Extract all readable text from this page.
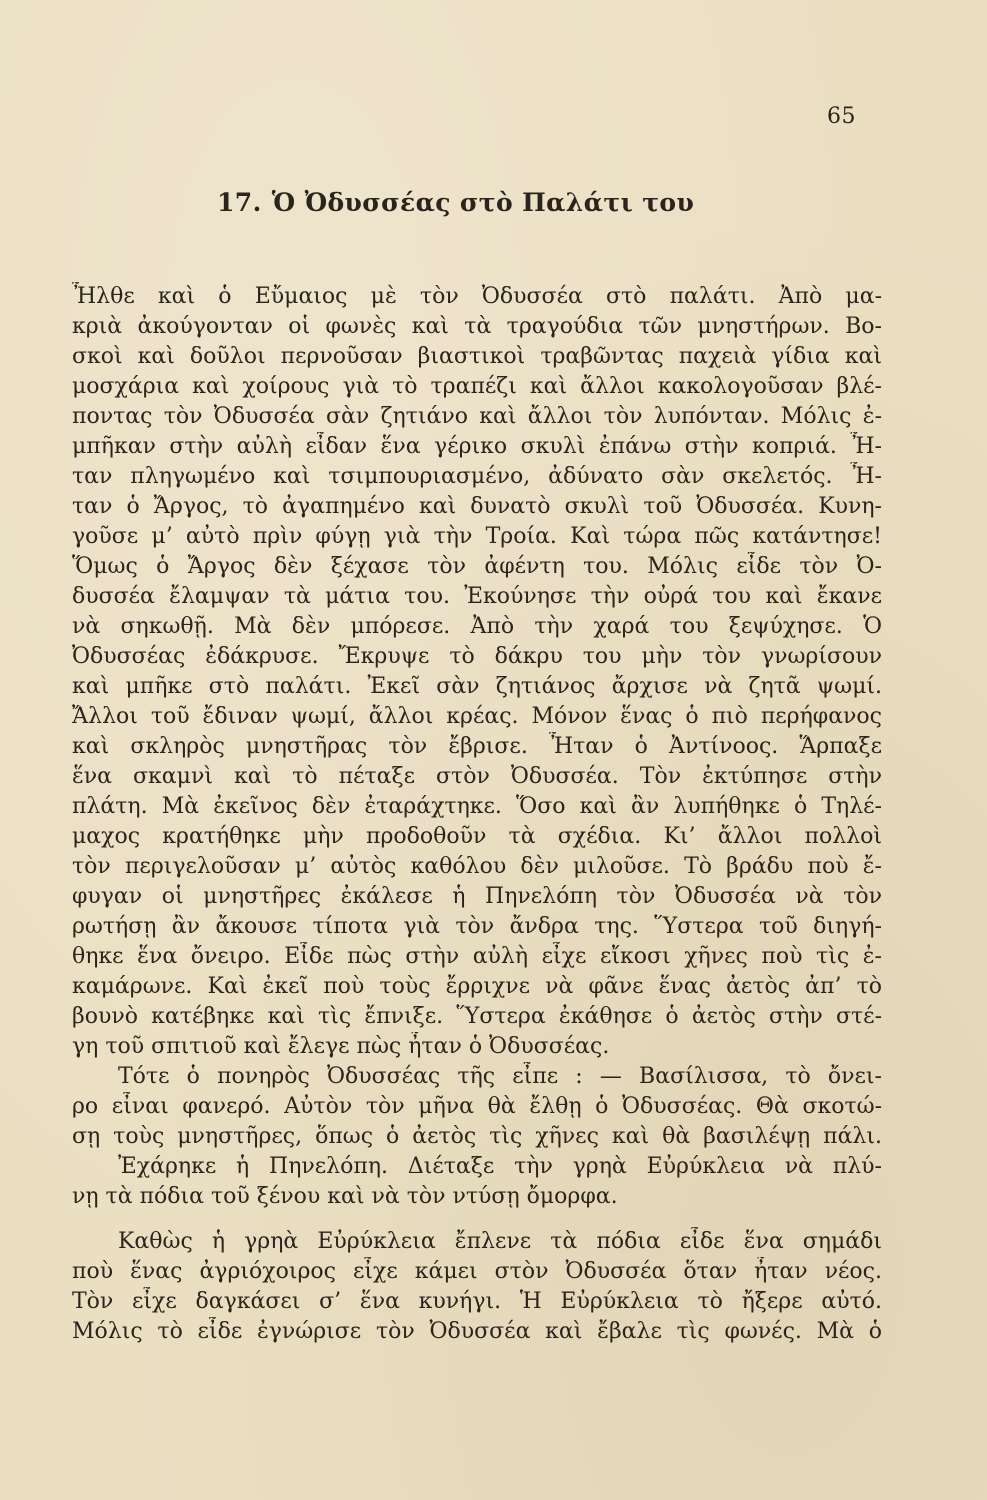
65
17. Ὁ Ὀδυσσέας στὸ Παλάτι του
Ἦλθε καὶ ὁ Εὔμαιος μὲ τὸν Ὀδυσσέα στὸ παλάτι. Ἀπὸ μα-
κριὰ ἀκούγονταν οἱ φωνὲς καὶ τὰ τραγούδια τῶν μνηστήρων. Βο-
σκοὶ καὶ δοῦλοι περνοῦσαν βιαστικοὶ τραβῶντας παχειὰ γίδια καὶ
μοσχάρια καὶ χοίρους γιὰ τὸ τραπέζι καὶ ἄλλοι κακολογοῦσαν βλέ-
ποντας τὸν Ὀδυσσέα σὰν ζητιάνο καὶ ἄλλοι τὸν λυπόνταν. Μόλις ἐ-
μπῆκαν στὴν αὐλὴ εἶδαν ἕνα γέρικο σκυλὶ ἐπάνω στὴν κοπριά. Ἦ-
ταν πληγωμένο καὶ τσιμπουριασμένο, ἀδύνατο σὰν σκελετός. Ἦ-
ταν ὁ Ἄργος, τὸ ἀγαπημένο καὶ δυνατὸ σκυλὶ τοῦ Ὀδυσσέα. Κυνη-
γοῦσε μ’ αὐτὸ πρὶν φύγῃ γιὰ τὴν Τροία. Καὶ τώρα πῶς κατάντησε!
Ὅμως ὁ Ἄργος δὲν ξέχασε τὸν ἀφέντη του. Μόλις εἶδε τὸν Ὀ-
δυσσέα ἔλαμψαν τὰ μάτια του. Ἐκούνησε τὴν οὐρά του καὶ ἔκανε
νὰ σηκωθῇ. Μὰ δὲν μπόρεσε. Ἀπὸ τὴν χαρά του ξεψύχησε. Ὁ
Ὀδυσσέας ἐδάκρυσε. Ἔκρυψε τὸ δάκρυ του μὴν τὸν γνωρίσουν
καὶ μπῆκε στὸ παλάτι. Ἐκεῖ σὰν ζητιάνος ἄρχισε νὰ ζητᾶ ψωμί.
Ἄλλοι τοῦ ἔδιναν ψωμί, ἄλλοι κρέας. Μόνον ἕνας ὁ πιὸ περήφανος
καὶ σκληρὸς μνηστῆρας τὸν ἔβρισε. Ἦταν ὁ Ἀντίνοος. Ἅρπαξε
ἕνα σκαμνὶ καὶ τὸ πέταξε στὸν Ὀδυσσέα. Τὸν ἐκτύπησε στὴν
πλάτη. Μὰ ἐκεῖνος δὲν ἐταράχτηκε. Ὅσο καὶ ἂν λυπήθηκε ὁ Τηλέ-
μαχος κρατήθηκε μὴν προδοθοῦν τὰ σχέδια. Κι’ ἄλλοι πολλοὶ
τὸν περιγελοῦσαν μ’ αὐτὸς καθόλου δὲν μιλοῦσε. Τὸ βράδυ ποὺ ἔ-
φυγαν οἱ μνηστῆρες ἐκάλεσε ἡ Πηνελόπη τὸν Ὀδυσσέα νὰ τὸν
ρωτήσῃ ἂν ἄκουσε τίποτα γιὰ τὸν ἄνδρα της. Ὕστερα τοῦ διηγή-
θηκε ἕνα ὄνειρο. Εἶδε πὼς στὴν αὐλὴ εἶχε εἴκοσι χῆνες ποὺ τὶς ἐ-
καμάρωνε. Καὶ ἐκεῖ ποὺ τοὺς ἔρριχνε νὰ φᾶνε ἕνας ἀετὸς ἀπ’ τὸ
βουνὸ κατέβηκε καὶ τὶς ἔπνιξε. Ὕστερα ἐκάθησε ὁ ἀετὸς στὴν στέ-
γη τοῦ σπιτιοῦ καὶ ἔλεγε πὼς ἦταν ὁ Ὀδυσσέας.
Τότε ὁ πονηρὸς Ὀδυσσέας τῆς εἶπε : — Βασίλισσα, τὸ ὄνει-
ρο εἶναι φανερό. Αὐτὸν τὸν μῆνα θὰ ἔλθῃ ὁ Ὀδυσσέας. Θὰ σκοτώ-
σῃ τοὺς μνηστῆρες, ὅπως ὁ ἀετὸς τὶς χῆνες καὶ θὰ βασιλέψῃ πάλι.
Ἐχάρηκε ἡ Πηνελόπη. Διέταξε τὴν γρηὰ Εὐρύκλεια νὰ πλύ-
νῃ τὰ πόδια τοῦ ξένου καὶ νὰ τὸν ντύσῃ ὄμορφα.
Καθὼς ἡ γρηὰ Εὐρύκλεια ἔπλενε τὰ πόδια εἶδε ἕνα σημάδι
ποὺ ἕνας ἀγριόχοιρος εἶχε κάμει στὸν Ὀδυσσέα ὅταν ἦταν νέος.
Τὸν εἶχε δαγκάσει σ’ ἕνα κυνήγι. Ἡ Εὐρύκλεια τὸ ἤξερε αὐτό.
Μόλις τὸ εἶδε ἐγνώρισε τὸν Ὀδυσσέα καὶ ἔβαλε τὶς φωνές. Μὰ ὁ
